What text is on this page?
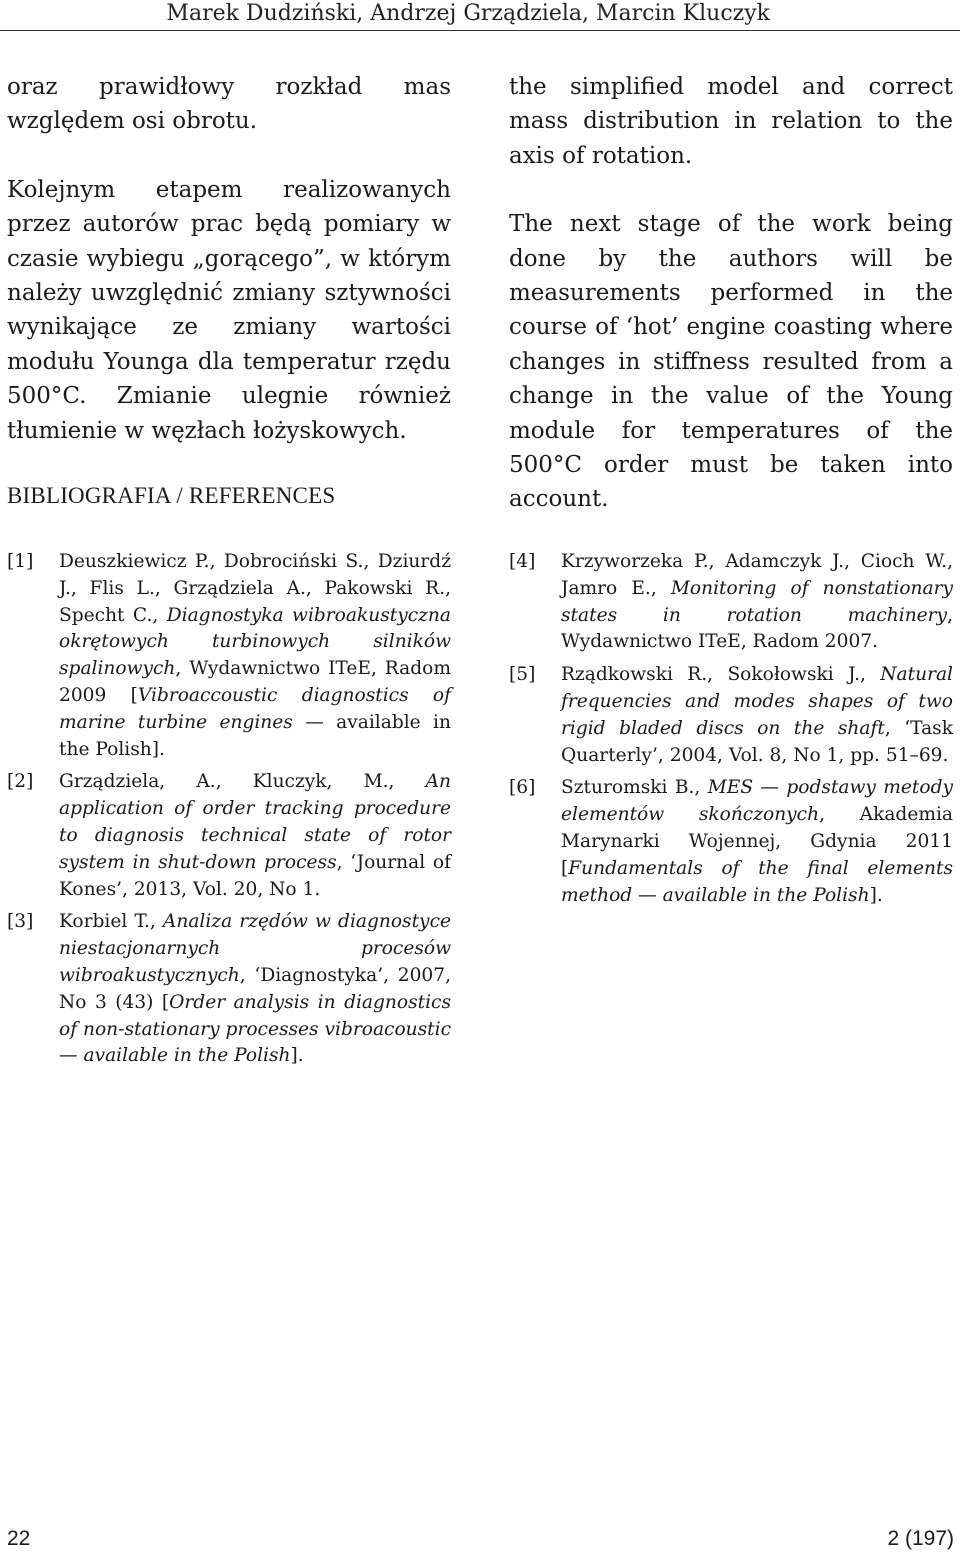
Marek Dudziński, Andrzej Grządziela, Marcin Kluczyk

oraz prawidłowy rozkład mas względem osi obrotu.

Kolejnym etapem realizowanych przez autorów prac będą pomiary w czasie wybiegu „gorącego”, w którym należy uwzględnić zmiany sztywności wynikające ze zmiany wartości modułu Younga dla temperatur rzędu 500°C. Zmianie ulegnie również tłumienie w węzłach łożyskowych.

the simplified model and correct mass distribution in relation to the axis of rotation.

The next stage of the work being done by the authors will be measurements performed in the course of ‘hot’ engine coasting where changes in stiffness resulted from a change in the value of the Young module for temperatures of the 500°C order must be taken into account.

BIBLIOGRAFIA / REFERENCES
[1] Deuszkiewicz P., Dobrociński S., Dziurdź J., Flis L., Grządziela A., Pakowski R., Specht C., Diagnostyka wibroakustyczna okrętowych turbinowych silników spalinowych, Wydawnictwo ITeE, Radom 2009 [Vibroaccoustic diagnostics of marine turbine engines — available in the Polish].
[2] Grządziela, A., Kluczyk, M., An application of order tracking procedure to diagnosis technical state of rotor system in shut-down process, ‘Journal of Kones’, 2013, Vol. 20, No 1.
[3] Korbiel T., Analiza rzędów w diagnostyce niestacjonarnych procesów wibroakustycznych, ‘Diagnostyka’, 2007, No 3 (43) [Order analysis in diagnostics of non-stationary processes vibroacoustic — available in the Polish].
[4] Krzyworzeka P., Adamczyk J., Cioch W., Jamro E., Monitoring of nonstationary states in rotation machinery, Wydawnictwo ITeE, Radom 2007.
[5] Rządkowski R., Sokołowski J., Natural frequencies and modes shapes of two rigid bladed discs on the shaft, ‘Task Quarterly’, 2004, Vol. 8, No 1, pp. 51–69.
[6] Szturomski B., MES — podstawy metody elementów skończonych, Akademia Marynarki Wojennej, Gdynia 2011 [Fundamentals of the final elements method — available in the Polish].
22	2 (197)
